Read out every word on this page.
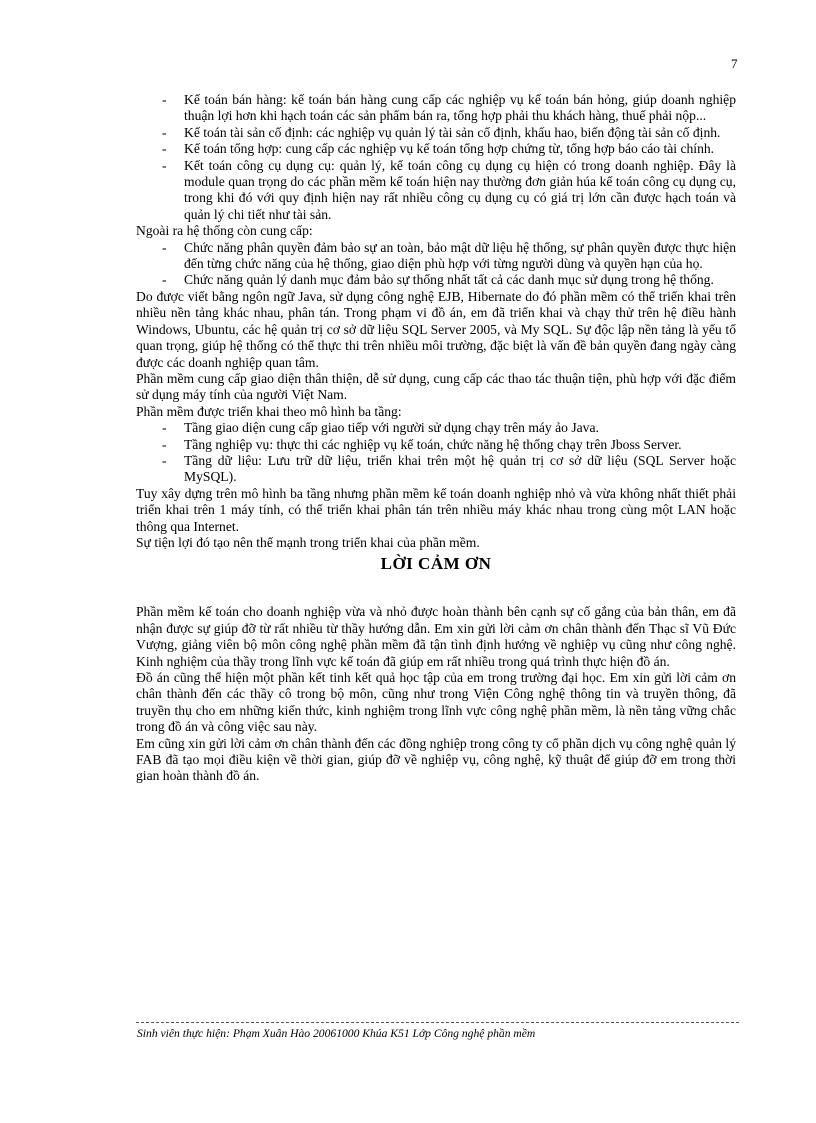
7
- Kế toán bán hàng: kế toán bán hàng cung cấp các nghiệp vụ kế toán bán hỏng, giúp doanh nghiệp thuận lợi hơn khi hạch toán các sản phẩm bán ra, tổng hợp phải thu khách hàng, thuế phải nộp...
- Kế toán tài sản cố định: các nghiệp vụ quản lý tài sản cố định, khấu hao, biến động tài sản cố định.
- Kế toán tổng hợp: cung cấp các nghiệp vụ kế toán tổng hợp chứng từ, tổng hợp báo cáo tài chính.
- Kết toán công cụ dụng cụ: quản lý, kế toán công cụ dụng cụ hiện có trong doanh nghiệp. Đây là module quan trọng do các phần mềm kế toán hiện nay thường đơn giản húa kế toán công cụ dụng cụ, trong khi đó với quy định hiện nay rất nhiều công cụ dụng cụ có giá trị lớn cần được hạch toán và quản lý chi tiết như tài sản.

Ngoài ra hệ thống còn cung cấp:

- Chức năng phân quyền đảm bảo sự an toàn, bảo mật dữ liệu hệ thống, sự phân quyền được thực hiện đến từng chức năng của hệ thống, giao diện phù hợp với từng người dùng và quyền hạn của họ.
- Chức năng quản lý danh mục đảm bảo sự thống nhất tất cả các danh mục sử dụng trong hệ thống.

Do được viết bằng ngôn ngữ Java, sử dụng công nghệ EJB, Hibernate do đó phần mềm có thể triển khai trên nhiều nền tảng khác nhau, phân tán. Trong phạm vi đồ án, em đã triển khai và chạy thử trên hệ điều hành Windows, Ubuntu, các hệ quản trị cơ sở dữ liệu SQL Server 2005, và My SQL. Sự độc lập nền tảng là yếu tố quan trọng, giúp hệ thống có thể thực thi trên nhiều môi trường, đặc biệt là vấn đề bản quyền đang ngày càng được các doanh nghiệp quan tâm.

Phần mềm cung cấp giao diện thân thiện, dễ sử dụng, cung cấp các thao tác thuận tiện, phù hợp với đặc điểm sử dụng máy tính của người Việt Nam.

Phần mềm được triển khai theo mô hình ba tầng:

- Tầng giao diện cung cấp giao tiếp với người sử dụng chạy trên máy ảo Java.
- Tầng nghiệp vụ: thực thi các nghiệp vụ kế toán, chức năng hệ thống chạy trên Jboss Server.
- Tầng dữ liệu: Lưu trữ dữ liệu, triển khai trên một hệ quản trị cơ sở dữ liệu (SQL Server hoặc MySQL).

Tuy xây dựng trên mô hình ba tầng nhưng phần mềm kế toán doanh nghiệp nhỏ và vừa không nhất thiết phải triển khai trên 1 máy tính, có thể triển khai phân tán trên nhiều máy khác nhau trong cùng một LAN hoặc thông qua Internet.

Sự tiện lợi đó tạo nên thế mạnh trong triển khai của phần mềm.

LỜI CẢM ƠN

Phần mềm kế toán cho doanh nghiệp vừa và nhỏ được hoàn thành bên cạnh sự cố gắng của bản thân, em đã nhận được sự giúp đỡ từ rất nhiều từ thầy hướng dẫn. Em xin gửi lời cảm ơn chân thành đến Thạc sĩ Vũ Đức Vượng, giảng viên bộ môn công nghệ phần mềm đã tận tình định hướng về nghiệp vụ cũng như công nghệ. Kinh nghiệm của thầy trong lĩnh vực kế toán đã giúp em rất nhiều trong quá trình thực hiện đồ án.

Đồ án cũng thể hiện một phần kết tinh kết quả học tập của em trong trường đại học. Em xin gửi lời cảm ơn chân thành đến các thầy cô trong bộ môn, cũng như trong Viện Công nghệ thông tin và truyền thông, đã truyền thụ cho em những kiến thức, kinh nghiệm trong lĩnh vực công nghệ phần mềm, là nền tảng vững chắc trong đồ án và công việc sau này.

Em cũng xin gửi lời cảm ơn chân thành đến các đồng nghiệp trong công ty cổ phần dịch vụ công nghệ quản lý FAB đã tạo mọi điều kiện về thời gian, giúp đỡ về nghiệp vụ, công nghệ, kỹ thuật để giúp đỡ em trong thời gian hoàn thành đồ án.

Sinh viên thực hiện: Phạm Xuân Hào 20061000 Khúa K51 Lớp Công nghệ phần mềm
